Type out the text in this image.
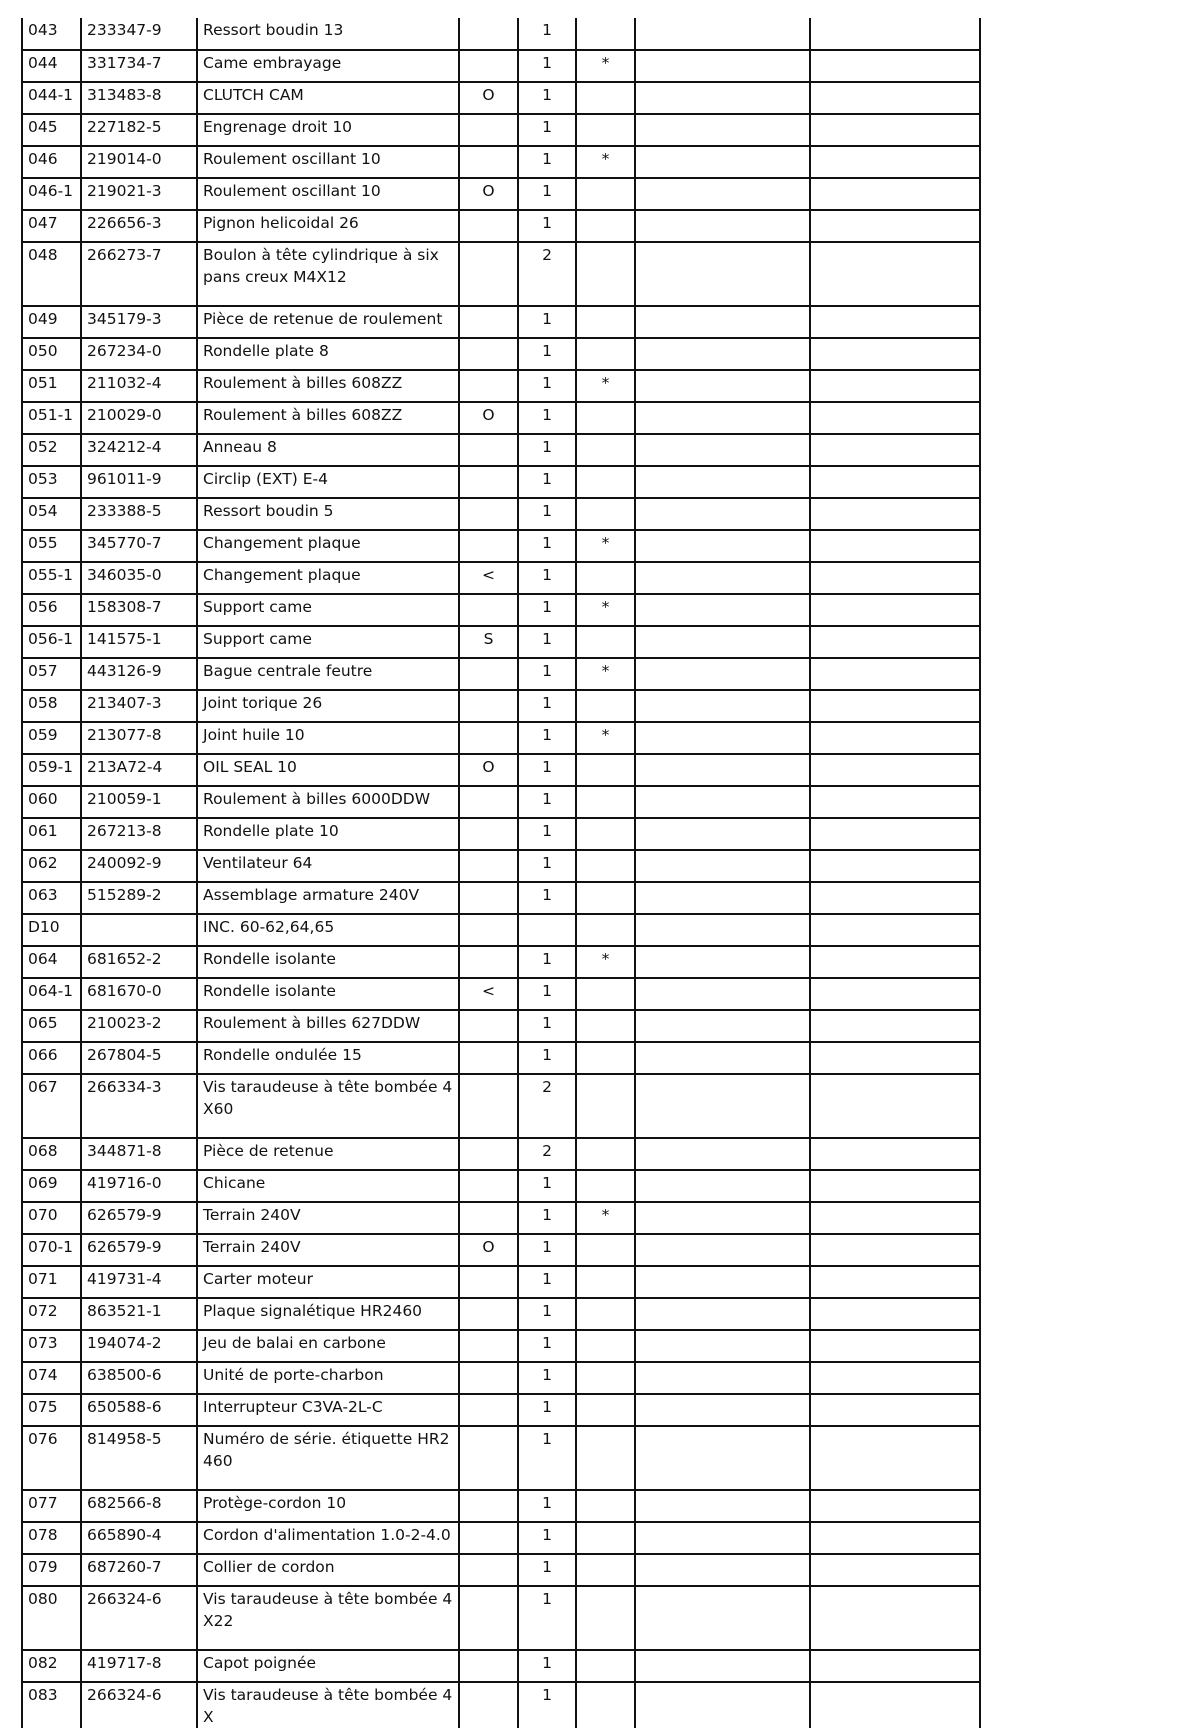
043	233347-9	Ressort boudin 13		1			
044	331734-7	Came embrayage		1	*		
044-1	313483-8	CLUTCH CAM	O	1			
045	227182-5	Engrenage droit 10		1			
046	219014-0	Roulement oscillant 10		1	*		
046-1	219021-3	Roulement oscillant 10	O	1			
047	226656-3	Pignon helicoidal 26		1			
048	266273-7	Boulon à tête cylindrique à six pans creux M4X12		2			
049	345179-3	Pièce de retenue de roulement		1			
050	267234-0	Rondelle plate 8		1			
051	211032-4	Roulement à billes 608ZZ		1	*		
051-1	210029-0	Roulement à billes 608ZZ	O	1			
052	324212-4	Anneau 8		1			
053	961011-9	Circlip (EXT) E-4		1			
054	233388-5	Ressort boudin 5		1			
055	345770-7	Changement plaque		1	*		
055-1	346035-0	Changement plaque	<	1			
056	158308-7	Support came		1	*		
056-1	141575-1	Support came	S	1			
057	443126-9	Bague centrale feutre		1	*		
058	213407-3	Joint torique 26		1			
059	213077-8	Joint huile 10		1	*		
059-1	213A72-4	OIL SEAL 10	O	1			
060	210059-1	Roulement à billes 6000DDW		1			
061	267213-8	Rondelle plate 10		1			
062	240092-9	Ventilateur 64		1			
063	515289-2	Assemblage armature 240V		1			
D10		INC. 60-62,64,65					
064	681652-2	Rondelle isolante		1	*		
064-1	681670-0	Rondelle isolante	<	1			
065	210023-2	Roulement à billes 627DDW		1			
066	267804-5	Rondelle ondulée 15		1			
067	266334-3	Vis taraudeuse à tête bombée 4X60		2			
068	344871-8	Pièce de retenue		2			
069	419716-0	Chicane		1			
070	626579-9	Terrain 240V		1	*		
070-1	626579-9	Terrain 240V	O	1			
071	419731-4	Carter moteur		1			
072	863521-1	Plaque signalétique HR2460		1			
073	194074-2	Jeu de balai en carbone		1			
074	638500-6	Unité de porte-charbon		1			
075	650588-6	Interrupteur C3VA-2L-C		1			
076	814958-5	Numéro de série. étiquette HR2460		1			
077	682566-8	Protège-cordon 10		1			
078	665890-4	Cordon d'alimentation 1.0-2-4.0		1			
079	687260-7	Collier de cordon		1			
080	266324-6	Vis taraudeuse à tête bombée 4X22		1			
082	419717-8	Capot poignée		1			
083	266324-6	Vis taraudeuse à tête bombée 4X		1			
